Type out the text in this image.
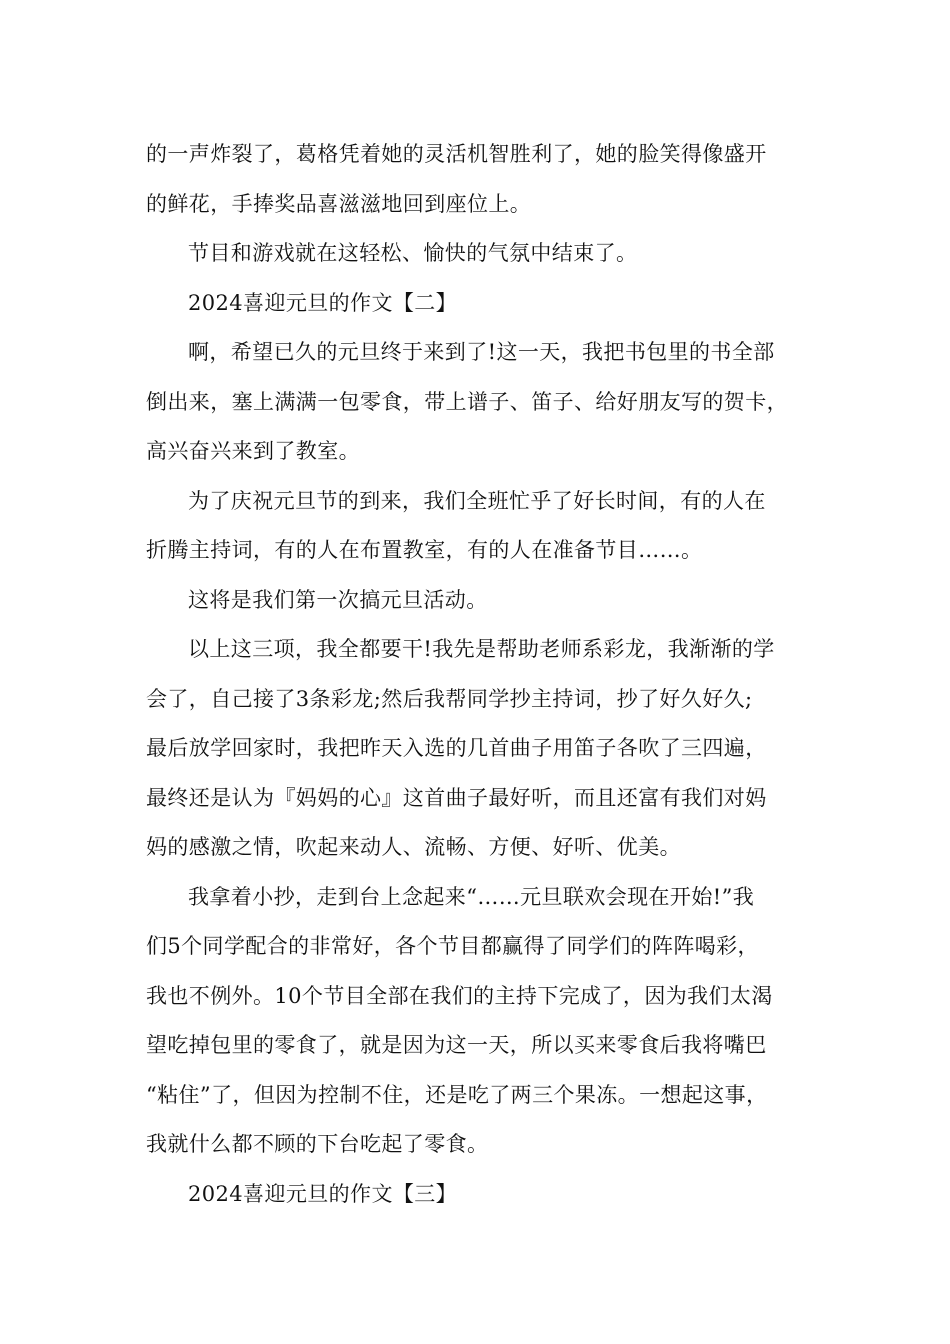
的一声炸裂了，葛格凭着她的灵活机智胜利了，她的脸笑得像盛开
的鲜花，手捧奖品喜滋滋地回到座位上。

节目和游戏就在这轻松、愉快的气氛中结束了。

2024喜迎元旦的作文【二】

啊，希望已久的元旦终于来到了!这一天，我把书包里的书全部
倒出来，塞上满满一包零食，带上谱子、笛子、给好朋友写的贺卡，
高兴奋兴来到了教室。

为了庆祝元旦节的到来，我们全班忙乎了好长时间，有的人在
折腾主持词，有的人在布置教室，有的人在准备节目……。

这将是我们第一次搞元旦活动。

以上这三项，我全都要干!我先是帮助老师系彩龙，我渐渐的学
会了，自己接了3条彩龙;然后我帮同学抄主持词，抄了好久好久;
最后放学回家时，我把昨天入选的几首曲子用笛子各吹了三四遍，
最终还是认为『妈妈的心』这首曲子最好听，而且还富有我们对妈
妈的感激之情，吹起来动人、流畅、方便、好听、优美。

我拿着小抄，走到台上念起来“……元旦联欢会现在开始!”我
们5个同学配合的非常好，各个节目都赢得了同学们的阵阵喝彩，
我也不例外。10个节目全部在我们的主持下完成了，因为我们太渴
望吃掉包里的零食了，就是因为这一天，所以买来零食后我将嘴巴
“粘住”了，但因为控制不住，还是吃了两三个果冻。一想起这事，
我就什么都不顾的下台吃起了零食。

2024喜迎元旦的作文【三】
